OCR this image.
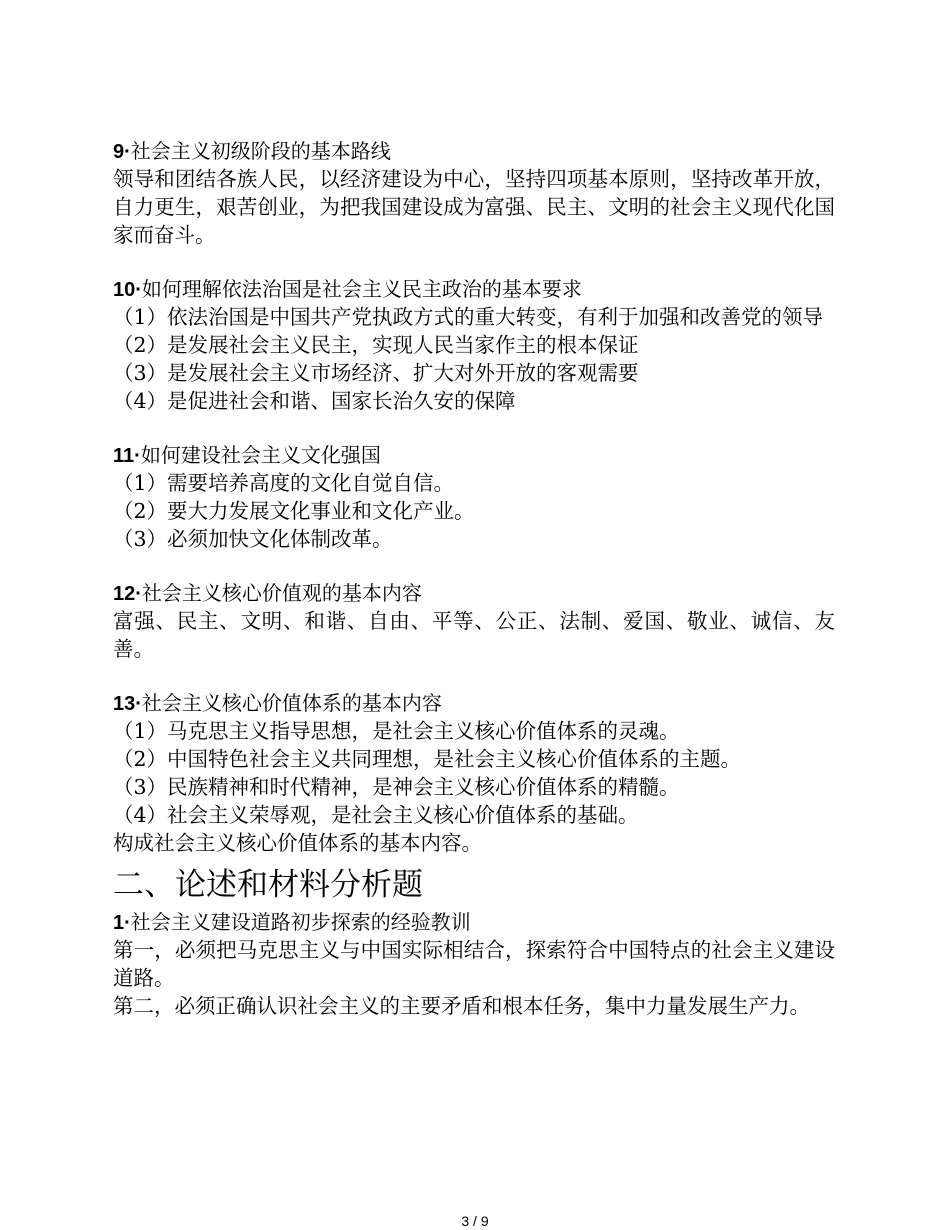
9·社会主义初级阶段的基本路线
领导和团结各族人民，以经济建设为中心，坚持四项基本原则，坚持改革开放，自力更生，艰苦创业，为把我国建设成为富强、民主、文明的社会主义现代化国家而奋斗。
10·如何理解依法治国是社会主义民主政治的基本要求
（1）依法治国是中国共产党执政方式的重大转变，有利于加强和改善党的领导
（2）是发展社会主义民主，实现人民当家作主的根本保证
（3）是发展社会主义市场经济、扩大对外开放的客观需要
（4）是促进社会和谐、国家长治久安的保障
11·如何建设社会主义文化强国
（1）需要培养高度的文化自觉自信。
（2）要大力发展文化事业和文化产业。
（3）必须加快文化体制改革。
12·社会主义核心价值观的基本内容
富强、民主、文明、和谐、自由、平等、公正、法制、爱国、敬业、诚信、友善。
13·社会主义核心价值体系的基本内容
（1）马克思主义指导思想，是社会主义核心价值体系的灵魂。
（2）中国特色社会主义共同理想，是社会主义核心价值体系的主题。
（3）民族精神和时代精神，是神会主义核心价值体系的精髓。
（4）社会主义荣辱观，是社会主义核心价值体系的基础。
构成社会主义核心价值体系的基本内容。
二、论述和材料分析题
1·社会主义建设道路初步探索的经验教训
第一，必须把马克思主义与中国实际相结合，探索符合中国特点的社会主义建设道路。
第二，必须正确认识社会主义的主要矛盾和根本任务，集中力量发展生产力。
3 / 9
